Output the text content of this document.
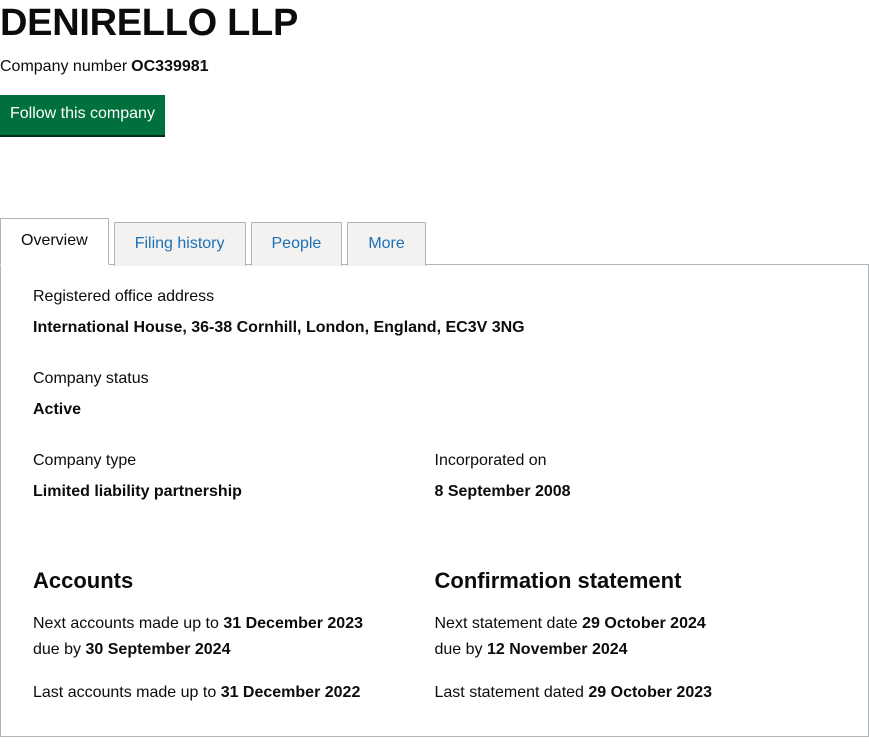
DENIRELLO LLP
Company number OC339981
Follow this company
Overview	Filing history	People	More

Registered office address

International House, 36-38 Cornhill, London, England, EC3V 3NG

Company status

Active

Company type

Limited liability partnership

Incorporated on

8 September 2008

Accounts

Next accounts made up to 31 December 2023

due by 30 September 2024

Last accounts made up to 31 December 2022

Confirmation statement

Next statement date 29 October 2024

due by 12 November 2024

Last statement dated 29 October 2023
